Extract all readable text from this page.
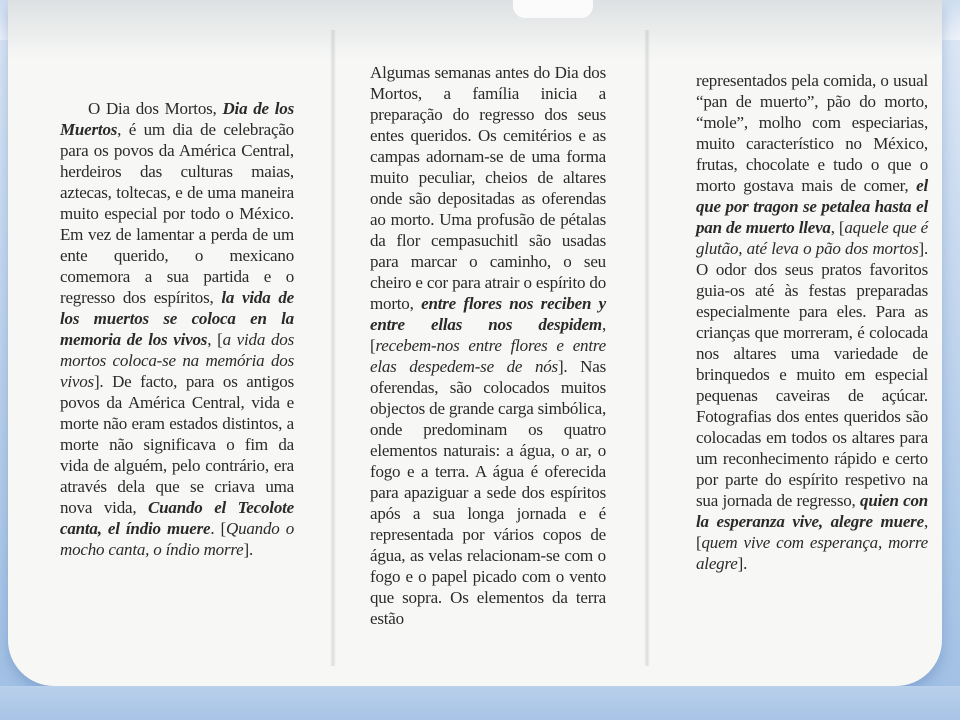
O Dia dos Mortos, Dia de los Muertos, é um dia de celebração para os povos da América Central, herdeiros das culturas maias, aztecas, toltecas, e de uma maneira muito especial por todo o México. Em vez de lamentar a perda de um ente querido, o mexicano comemora a sua partida e o regresso dos espíritos, la vida de los muertos se coloca en la memoria de los vivos, [a vida dos mortos coloca-se na memória dos vivos]. De facto, para os antigos povos da América Central, vida e morte não eram estados distintos, a morte não significava o fim da vida de alguém, pelo contrário, era através dela que se criava uma nova vida, Cuando el Tecolote canta, el índio muere. [Quando o mocho canta, o índio morre].

Algumas semanas antes do Dia dos Mortos, a família inicia a preparação do regresso dos seus entes queridos. Os cemitérios e as campas adornam-se de uma forma muito peculiar, cheios de altares onde são depositadas as oferendas ao morto. Uma profusão de pétalas da flor cempasuchitl são usadas para marcar o caminho, o seu cheiro e cor para atrair o espírito do morto, entre flores nos reciben y entre ellas nos despidem, [recebem-nos entre flores e entre elas despedem-se de nós]. Nas oferendas, são colocados muitos objectos de grande carga simbólica, onde predominam os quatro elementos naturais: a água, o ar, o fogo e a terra. A água é oferecida para apaziguar a sede dos espíritos após a sua longa jornada e é representada por vários copos de água, as velas relacionam-se com o fogo e o papel picado com o vento que sopra. Os elementos da terra estão

representados pela comida, o usual “pan de muerto”, pão do morto, “mole”, molho com especiarias, muito característico no México, frutas, chocolate e tudo o que o morto gostava mais de comer, el que por tragon se petalea hasta el pan de muerto lleva, [aquele que é glutão, até leva o pão dos mortos]. O odor dos seus pratos favoritos guia-os até às festas preparadas especialmente para eles. Para as crianças que morreram, é colocada nos altares uma variedade de brinquedos e muito em especial pequenas caveiras de açúcar. Fotografias dos entes queridos são colocadas em todos os altares para um reconhecimento rápido e certo por parte do espírito respetivo na sua jornada de regresso, quien con la esperanza vive, alegre muere, [quem vive com esperança, morre alegre].
